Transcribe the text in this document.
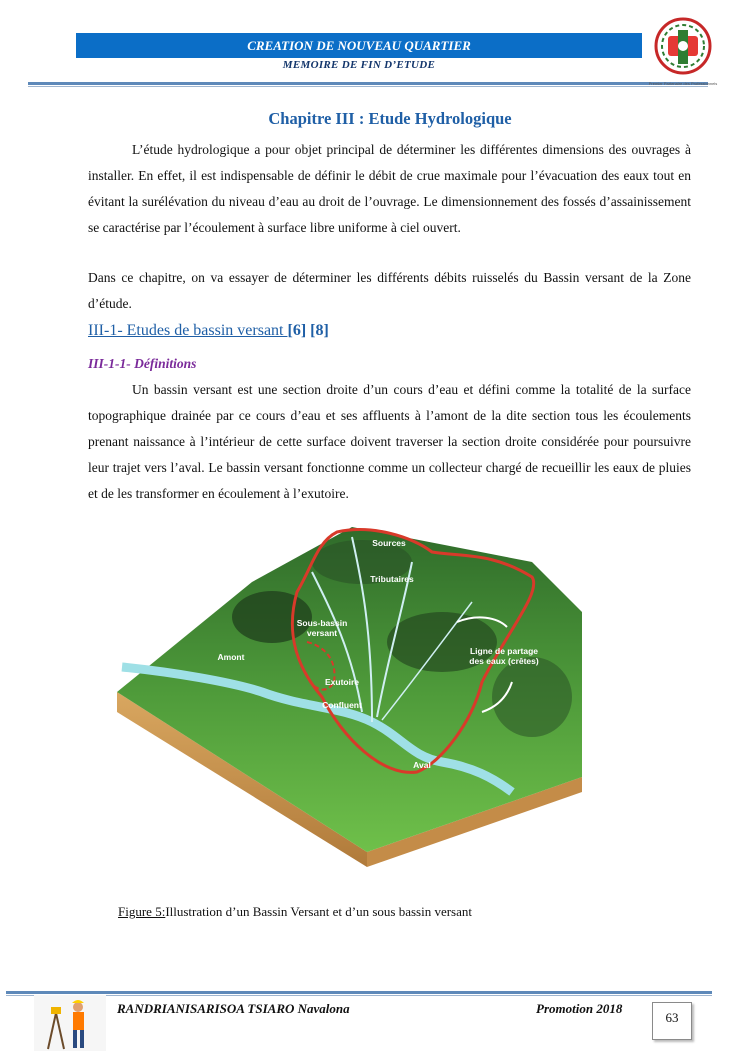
CREATION DE NOUVEAU QUARTIER
MEMOIRE DE FIN D’ETUDE
Premier Partenaire des Professionnels
Chapitre III : Etude Hydrologique

L’étude hydrologique a pour objet principal de déterminer les différentes dimensions des ouvrages à installer. En effet, il est indispensable de définir le débit de crue maximale pour l’évacuation des eaux tout en évitant la surélévation du niveau d’eau au droit de l’ouvrage. Le dimensionnement des fossés d’assainissement se caractérise par l’écoulement à surface libre uniforme à ciel ouvert.

Dans ce chapitre, on va essayer de déterminer les différents débits ruisselés du Bassin versant de la Zone d’étude.

III-1- Etudes de bassin versant [6] [8]
III-1-1- Définitions

Un bassin versant est une section droite d’un cours d’eau et défini comme la totalité de la surface topographique drainée par ce cours d’eau et ses affluents à l’amont de la dite section tous les écoulements prenant naissance à l’intérieur de cette surface doivent traverser la section droite considérée pour poursuivre leur trajet vers l’aval. Le bassin versant fonctionne comme un collecteur chargé de recueillir les eaux de pluies et de les transformer en écoulement à l’exutoire.

Sources
Tributaires
Sous-bassin
versant
Ligne de partage
des eaux (crêtes)
Amont
Exutoire
Confluent
Aval
Figure 5:Illustration d’un Bassin Versant et d’un sous bassin versant
RANDRIANISARISOA TSIARO Navalona	Promotion 2018
63
